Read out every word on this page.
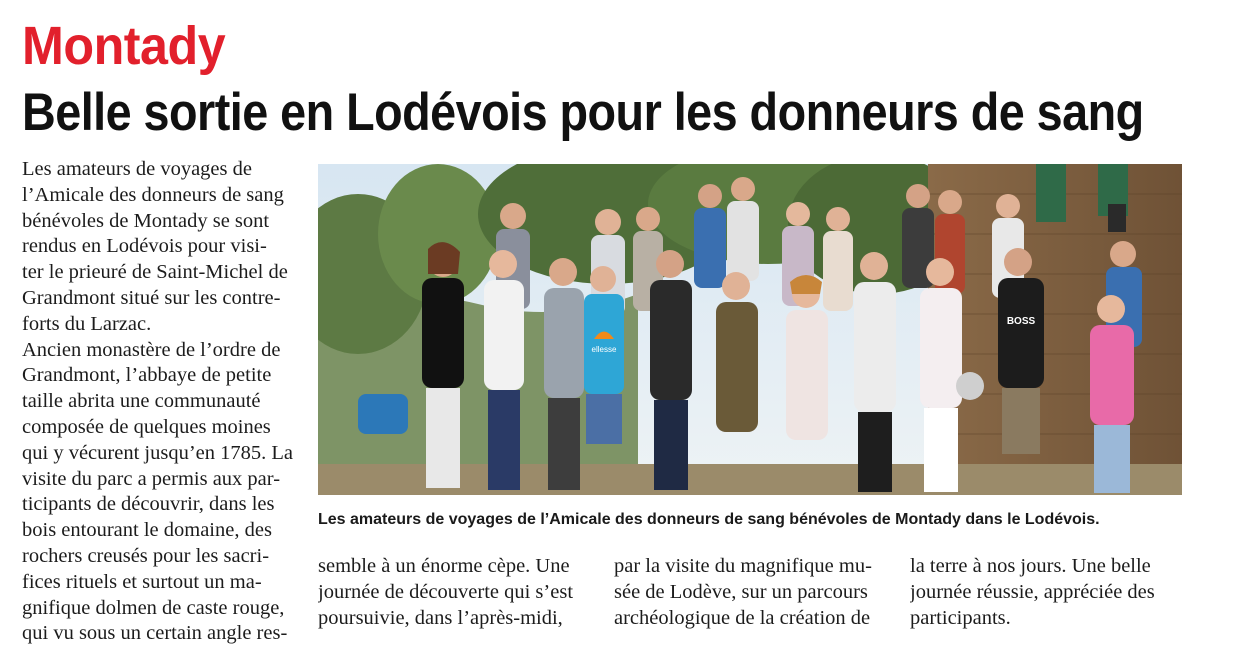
Montady
Belle sortie en Lodévois pour les donneurs de sang
Les amateurs de voyages de
l’Amicale des donneurs de sang
bénévoles de Montady se sont
rendus en Lodévois pour visi-
ter le prieuré de Saint-Michel de
Grandmont situé sur les contre-
forts du Larzac.
Ancien monastère de l’ordre de
Grandmont, l’abbaye de petite
taille abrita une communauté
composée de quelques moines
qui y vécurent jusqu’en 1785. La
visite du parc a permis aux par-
ticipants de découvrir, dans les
bois entourant le domaine, des
rochers creusés pour les sacri-
fices rituels et surtout un ma-
gnifique dolmen de caste rouge,
qui vu sous un certain angle res-
ellesse
BOSS
Les amateurs de voyages de l’Amicale des donneurs de sang bénévoles de Montady dans le Lodévois.
semble à un énorme cèpe. Une
journée de découverte qui s’est
poursuivie, dans l’après-midi,
par la visite du magnifique mu-
sée de Lodève, sur un parcours
archéologique de la création de
la terre à nos jours. Une belle
journée réussie, appréciée des
participants.
